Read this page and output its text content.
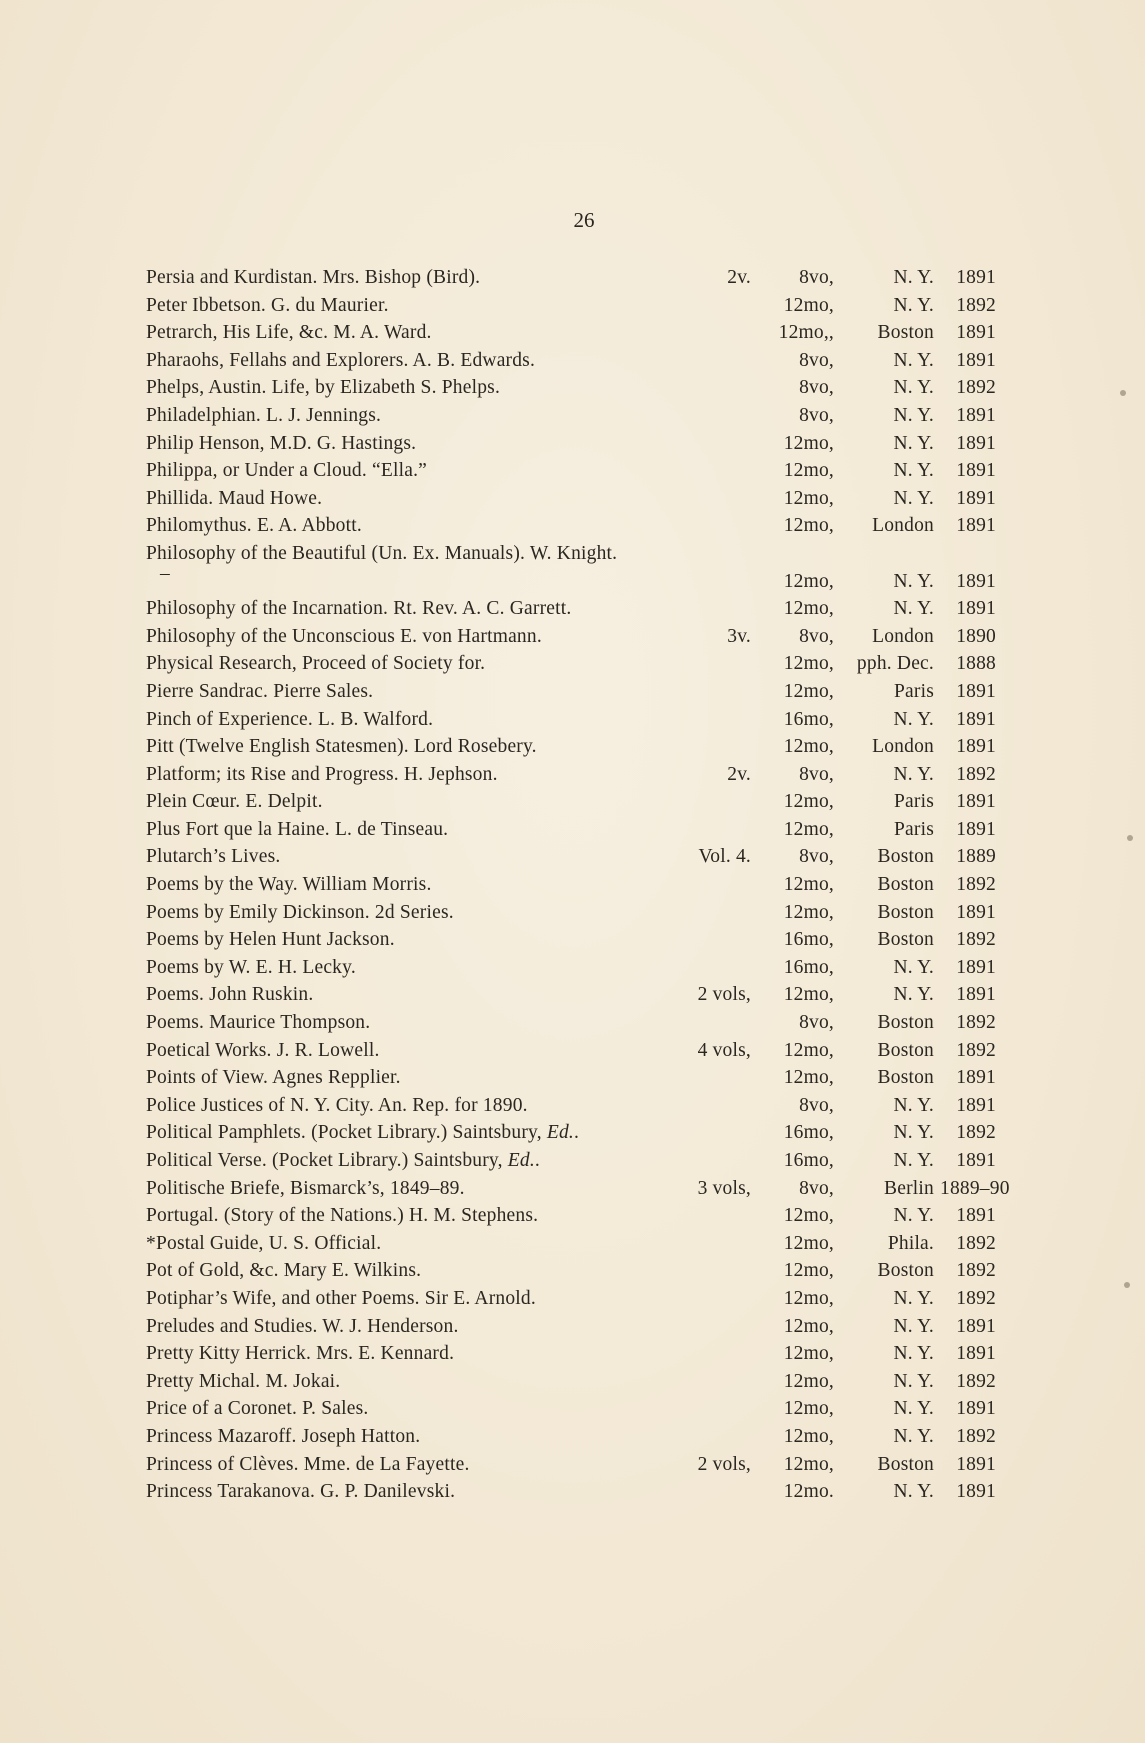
26
Persia and Kurdistan. Mrs. Bishop (Bird).	2v. 8vo,	N. Y.	1891
Peter Ibbetson. G. du Maurier.	12mo,	N. Y.	1892
Petrarch, His Life, &c. M. A. Ward.	12mo,,	Boston	1891
Pharaohs, Fellahs and Explorers. A. B. Edwards.	8vo,	N. Y.	1891
Phelps, Austin. Life, by Elizabeth S. Phelps.	8vo,	N. Y.	1892
Philadelphian. L. J. Jennings.	8vo,	N. Y.	1891
Philip Henson, M.D. G. Hastings.	12mo,	N. Y.	1891
Philippa, or Under a Cloud. “Ella.”	12mo,	N. Y.	1891
Phillida. Maud Howe.	12mo,	N. Y.	1891
Philomythus. E. A. Abbott.	12mo,	London	1891
Philosophy of the Beautiful (Un. Ex. Manuals). W. Knight.
–	12mo,	N. Y.	1891
Philosophy of the Incarnation. Rt. Rev. A. C. Garrett.	12mo,	N. Y.	1891
Philosophy of the Unconscious E. von Hartmann.	3v. 8vo,	London	1890
Physical Research, Proceed of Society for.	12mo,	pph. Dec.	1888
Pierre Sandrac. Pierre Sales.	12mo,	Paris	1891
Pinch of Experience. L. B. Walford.	16mo,	N. Y.	1891
Pitt (Twelve English Statesmen). Lord Rosebery.	12mo,	London	1891
Platform; its Rise and Progress. H. Jephson.	2v. 8vo,	N. Y.	1892
Plein Cœur. E. Delpit.	12mo,	Paris	1891
Plus Fort que la Haine. L. de Tinseau.	12mo,	Paris	1891
Plutarch’s Lives.	Vol. 4. 8vo,	Boston	1889
Poems by the Way. William Morris.	12mo,	Boston	1892
Poems by Emily Dickinson. 2d Series.	12mo,	Boston	1891
Poems by Helen Hunt Jackson.	16mo,	Boston	1892
Poems by W. E. H. Lecky.	16mo,	N. Y.	1891
Poems. John Ruskin.	2 vols, 12mo,	N. Y.	1891
Poems. Maurice Thompson.	8vo,	Boston	1892
Poetical Works. J. R. Lowell.	4 vols, 12mo,	Boston	1892
Points of View. Agnes Repplier.	12mo,	Boston	1891
Police Justices of N. Y. City. An. Rep. for 1890.	8vo,	N. Y.	1891
Political Pamphlets. (Pocket Library.) Saintsbury, Ed..	16mo,	N. Y.	1892
Political Verse. (Pocket Library.) Saintsbury, Ed..	16mo,	N. Y.	1891
Politische Briefe, Bismarck’s, 1849–89.	3 vols, 8vo,	Berlin 1889–90
Portugal. (Story of the Nations.) H. M. Stephens.	12mo,	N. Y.	1891
*Postal Guide, U. S. Official.	12mo,	Phila.	1892
Pot of Gold, &c. Mary E. Wilkins.	12mo,	Boston	1892
Potiphar’s Wife, and other Poems. Sir E. Arnold.	12mo,	N. Y.	1892
Preludes and Studies. W. J. Henderson.	12mo,	N. Y.	1891
Pretty Kitty Herrick. Mrs. E. Kennard.	12mo,	N. Y.	1891
Pretty Michal. M. Jokai.	12mo,	N. Y.	1892
Price of a Coronet. P. Sales.	12mo,	N. Y.	1891
Princess Mazaroff. Joseph Hatton.	12mo,	N. Y.	1892
Princess of Clèves. Mme. de La Fayette.	2 vols, 12mo,	Boston	1891
Princess Tarakanova. G. P. Danilevski.	12mo.	N. Y.	1891
